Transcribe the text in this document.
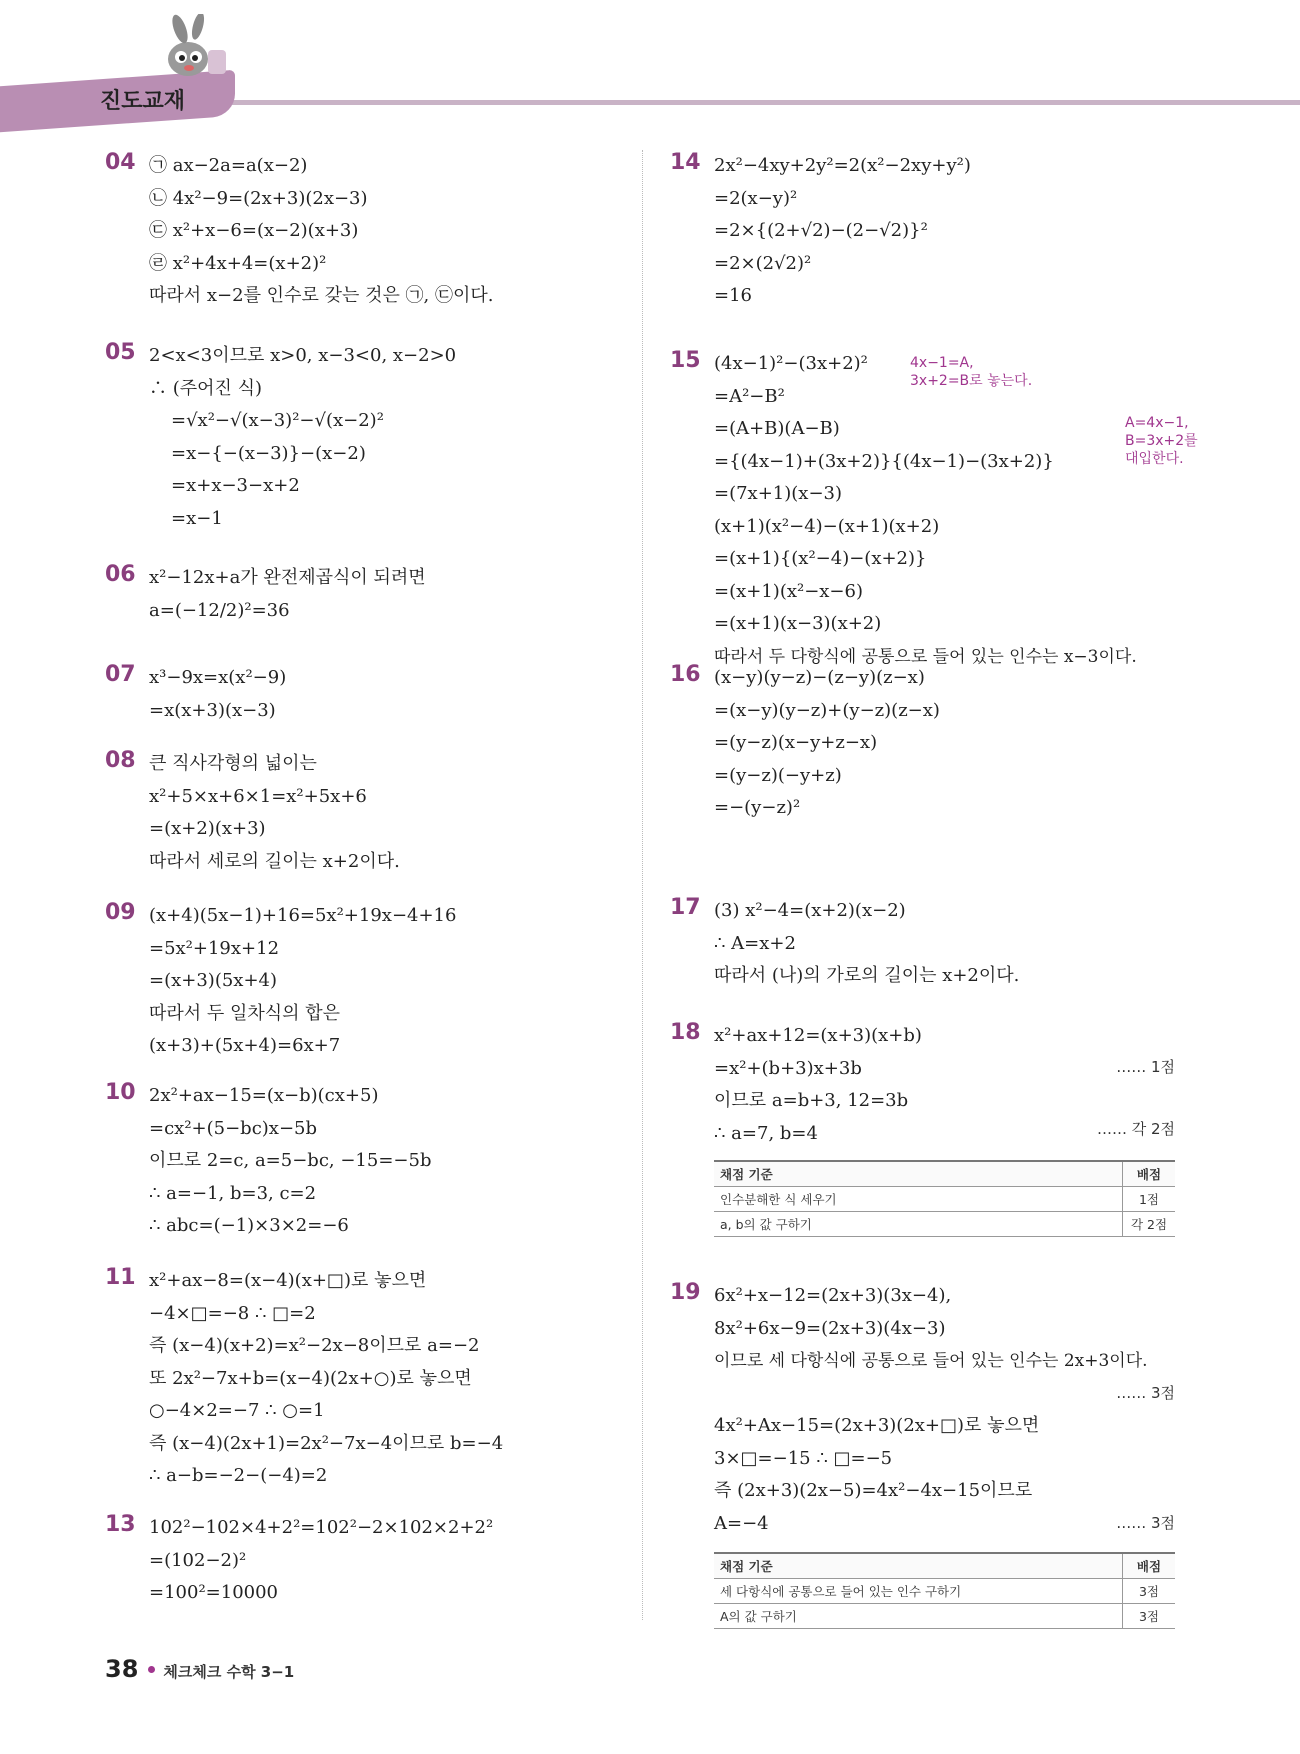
진도교재
04 ㉠ ax−2a=a(x−2)
㉡ 4x²−9=(2x+3)(2x−3)
㉢ x²+x−6=(x−2)(x+3)
㉣ x²+4x+4=(x+2)²
따라서 x−2를 인수로 갖는 것은 ㉠, ㉢이다.
05 2<x<3이므로 x>0, x−3<0, x−2>0
∴ (주어진 식)
=√x²−√(x−3)²−√(x−2)²
=x−{−(x−3)}−(x−2)
=x+x−3−x+2
=x−1
06 x²−12x+a가 완전제곱식이 되려면
a=(−12/2)²=36
07 x³−9x=x(x²−9)
=x(x+3)(x−3)
08 큰 직사각형의 넓이는
x²+5×x+6×1=x²+5x+6
=(x+2)(x+3)
따라서 세로의 길이는 x+2이다.
09 (x+4)(5x−1)+16=5x²+19x−4+16
=5x²+19x+12
=(x+3)(5x+4)
따라서 두 일차식의 합은
(x+3)+(5x+4)=6x+7
10 2x²+ax−15=(x−b)(cx+5)
=cx²+(5−bc)x−5b
이므로 2=c, a=5−bc, −15=−5b
∴ a=−1, b=3, c=2
∴ abc=(−1)×3×2=−6
11 x²+ax−8=(x−4)(x+□)로 놓으면
−4×□=−8 ∴ □=2
즉 (x−4)(x+2)=x²−2x−8이므로 a=−2
또 2x²−7x+b=(x−4)(2x+○)로 놓으면
○−4×2=−7 ∴ ○=1
즉 (x−4)(2x+1)=2x²−7x−4이므로 b=−4
∴ a−b=−2−(−4)=2
13 102²−102×4+2²=102²−2×102×2+2²
=(102−2)²
=100²=10000
14 2x²−4xy+2y²=2(x²−2xy+y²)
=2(x−y)²
=2×{(2+√2)−(2−√2)}²
=2×(2√2)²
=16
15 (4x−1)²−(3x+2)²
=A²−B²
=(A+B)(A−B)
={(4x−1)+(3x+2)}{(4x−1)−(3x+2)}
=(7x+1)(x−3)
(x+1)(x²−4)−(x+1)(x+2)
=(x+1){(x²−4)−(x+2)}
=(x+1)(x²−x−6)
=(x+1)(x−3)(x+2)
따라서 두 다항식에 공통으로 들어 있는 인수는 x−3이다.
4x−1=A,
3x+2=B로 놓는다.
A=4x−1,
B=3x+2를
대입한다.
16 (x−y)(y−z)−(z−y)(z−x)
=(x−y)(y−z)+(y−z)(z−x)
=(y−z)(x−y+z−x)
=(y−z)(−y+z)
=−(y−z)²
17 (3) x²−4=(x+2)(x−2)
∴ A=x+2
따라서 (나)의 가로의 길이는 x+2이다.
18 x²+ax+12=(x+3)(x+b)
=x²+(b+3)x+3b
이므로 a=b+3, 12=3b
∴ a=7, b=4
…… 1점
…… 각 2점
채점 기준	배점
인수분해한 식 세우기	1점
a, b의 값 구하기	각 2점
19 6x²+x−12=(2x+3)(3x−4),
8x²+6x−9=(2x+3)(4x−3)
이므로 세 다항식에 공통으로 들어 있는 인수는 2x+3이다.

4x²+Ax−15=(2x+3)(2x+□)로 놓으면
3×□=−15 ∴ □=−5
즉 (2x+3)(2x−5)=4x²−4x−15이므로
A=−4
…… 3점
…… 3점
채점 기준	배점
세 다항식에 공통으로 들어 있는 인수 구하기	3점
A의 값 구하기	3점
38 체크체크 수학 3−1
